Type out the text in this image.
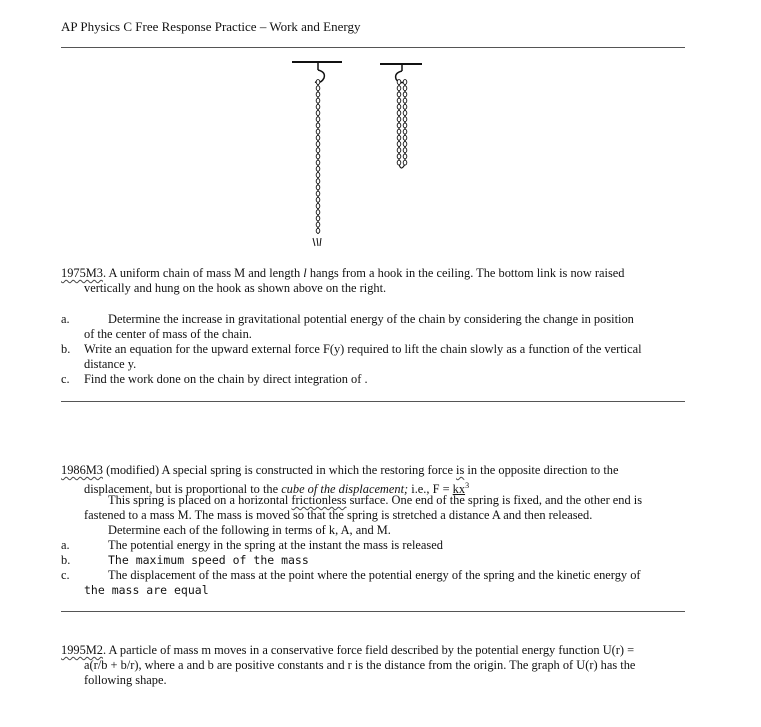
AP Physics C Free Response Practice – Work and Energy
1975M3. A uniform chain of mass M and length l hangs from a hook in the ceiling. The bottom link is now raised
vertically and hung on the hook as shown above on the right.
a.	Determine the increase in gravitational potential energy of the chain by considering the change in position
of the center of mass of the chain.
b. Write an equation for the upward external force F(y) required to lift the chain slowly as a function of the vertical
distance y.
c. Find the work done on the chain by direct integration of .
1986M3 (modified) A special spring is constructed in which the restoring force is in the opposite direction to the
displacement, but is proportional to the cube of the displacement; i.e., $F = kx^3$
This spring is placed on a horizontal frictionless surface. One end of the spring is fixed, and the other end is
fastened to a mass M. The mass is moved so that the spring is stretched a distance A and then released.
Determine each of the following in terms of k, A, and M.
a.	The potential energy in the spring at the instant the mass is released
b.	The maximum speed of the mass
c.	The displacement of the mass at the point where the potential energy of the spring and the kinetic energy of
the mass are equal
1995M2. A particle of mass m moves in a conservative force field described by the potential energy function U(r) =
a(r/b + b/r), where a and b are positive constants and r is the distance from the origin. The graph of U(r) has the
following shape.
